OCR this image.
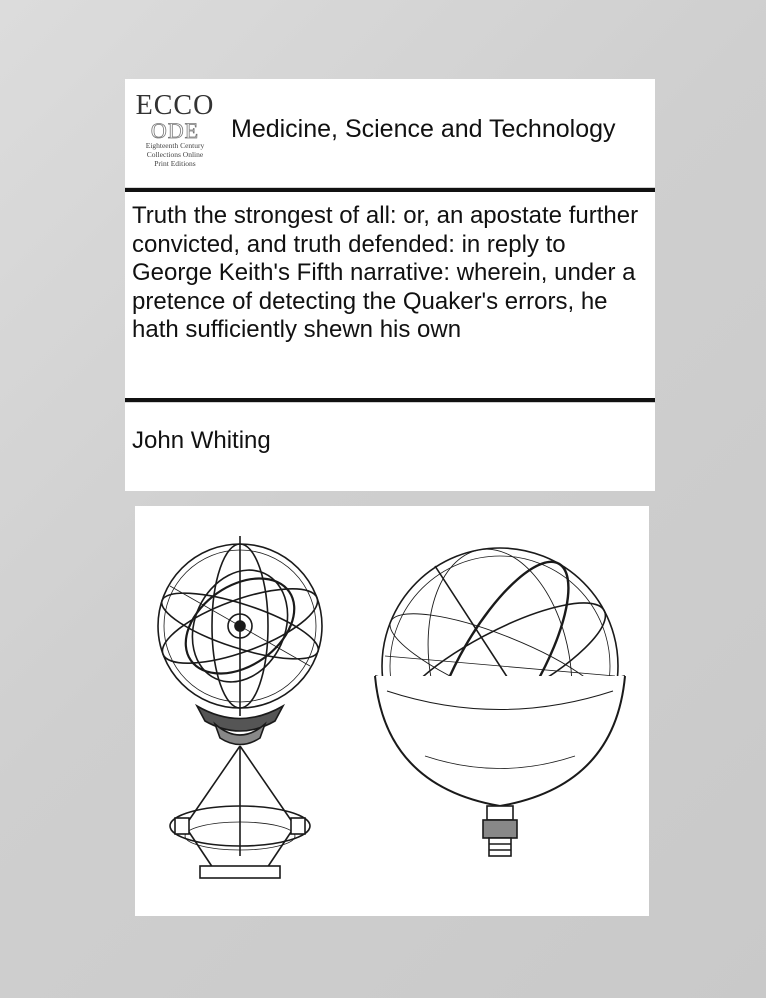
ECCO
ODE
Eighteenth Century
Collections Online
Print Editions
Medicine, Science and Technology

Truth the strongest of all: or, an apostate further convicted, and truth defended: in reply to George Keith's Fifth narrative: wherein, under a pretence of detecting the Quaker's errors, he hath sufficiently shewn his own

John Whiting
